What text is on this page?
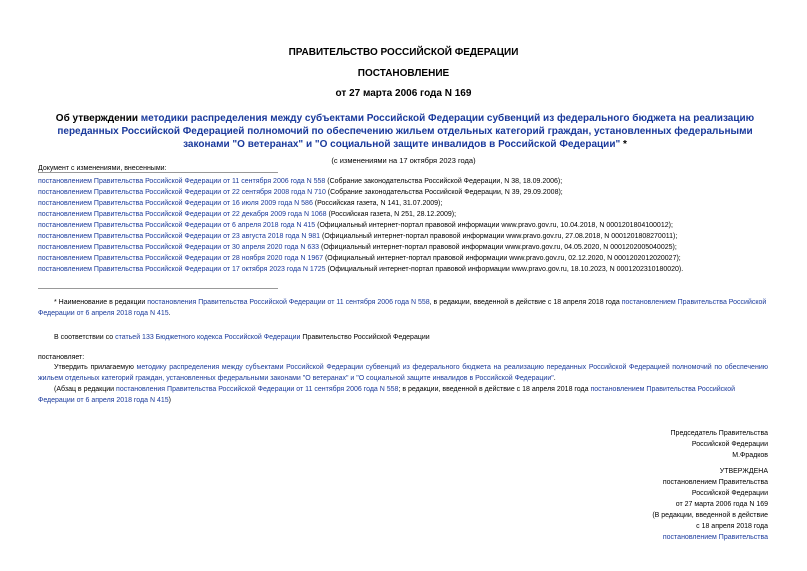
ПРАВИТЕЛЬСТВО РОССИЙСКОЙ ФЕДЕРАЦИИ
ПОСТАНОВЛЕНИЕ
от 27 марта 2006 года N 169
Об утверждении методики распределения между субъектами Российской Федерации субвенций из федерального бюджета на реализацию переданных Российской Федерацией полномочий по обеспечению жильем отдельных категорий граждан, установленных федеральными законами "О ветеранах" и "О социальной защите инвалидов в Российской Федерации" *
(с изменениями на 17 октября 2023 года)
Документ с изменениями, внесенными:
постановлением Правительства Российской Федерации от 11 сентября 2006 года N 558 (Собрание законодательства Российской Федерации, N 38, 18.09.2006);
постановлением Правительства Российской Федерации от 22 сентября 2008 года N 710 (Собрание законодательства Российской Федерации, N 39, 29.09.2008);
постановлением Правительства Российской Федерации от 16 июля 2009 года N 586 (Российская газета, N 141, 31.07.2009);
постановлением Правительства Российской Федерации от 22 декабря 2009 года N 1068 (Российская газета, N 251, 28.12.2009);
постановлением Правительства Российской Федерации от 6 апреля 2018 года N 415 (Официальный интернет-портал правовой информации www.pravo.gov.ru, 10.04.2018, N 0001201804100012);
постановлением Правительства Российской Федерации от 23 августа 2018 года N 981 (Официальный интернет-портал правовой информации www.pravo.gov.ru, 27.08.2018, N 0001201808270011);
постановлением Правительства Российской Федерации от 30 апреля 2020 года N 633 (Официальный интернет-портал правовой информации www.pravo.gov.ru, 04.05.2020, N 0001202005040025);
постановлением Правительства Российской Федерации от 28 ноября 2020 года N 1967 (Официальный интернет-портал правовой информации www.pravo.gov.ru, 02.12.2020, N 0001202012020027);
постановлением Правительства Российской Федерации от 17 октября 2023 года N 1725 (Официальный интернет-портал правовой информации www.pravo.gov.ru, 18.10.2023, N 0001202310180020).
* Наименование в редакции постановления Правительства Российской Федерации от 11 сентября 2006 года N 558, в редакции, введенной в действие с 18 апреля 2018 года постановлением Правительства Российской Федерации от 6 апреля 2018 года N 415.
В соответствии со статьей 133 Бюджетного кодекса Российской Федерации Правительство Российской Федерации
постановляет:
Утвердить прилагаемую методику распределения между субъектами Российской Федерации субвенций из федерального бюджета на реализацию переданных Российской Федерацией полномочий по обеспечению жильем отдельных категорий граждан, установленных федеральными законами "О ветеранах" и "О социальной защите инвалидов в Российской Федерации".
(Абзац в редакции постановления Правительства Российской Федерации от 11 сентября 2006 года N 558; в редакции, введенной в действие с 18 апреля 2018 года постановлением Правительства Российской Федерации от 6 апреля 2018 года N 415)
Председатель Правительства
Российской Федерации
М.Фрадков
УТВЕРЖДЕНА
постановлением Правительства
Российской Федерации
от 27 марта 2006 года N 169
(В редакции, введенной в действие
с 18 апреля 2018 года
постановлением Правительства
